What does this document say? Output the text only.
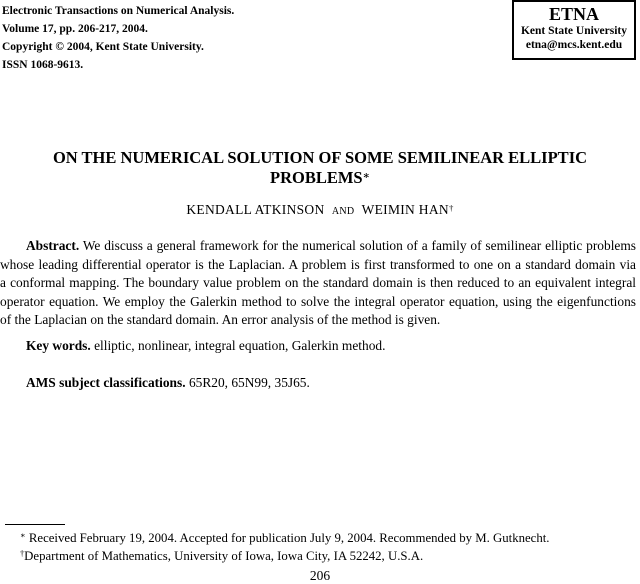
Electronic Transactions on Numerical Analysis.
Volume 17, pp. 206-217, 2004.
Copyright © 2004, Kent State University.
ISSN 1068-9613.
ETNA
Kent State University
etna@mcs.kent.edu
ON THE NUMERICAL SOLUTION OF SOME SEMILINEAR ELLIPTIC
PROBLEMS∗
KENDALL ATKINSON AND WEIMIN HAN†
Abstract. We discuss a general framework for the numerical solution of a family of semilinear elliptic problems
whose leading differential operator is the Laplacian. A problem is first transformed to one on a standard domain via
a conformal mapping. The boundary value problem on the standard domain is then reduced to an equivalent integral
operator equation. We employ the Galerkin method to solve the integral operator equation, using the eigenfunctions
of the Laplacian on the standard domain. An error analysis of the method is given.
Key words. elliptic, nonlinear, integral equation, Galerkin method.
AMS subject classifications. 65R20, 65N99, 35J65.
∗ Received February 19, 2004. Accepted for publication July 9, 2004. Recommended by M. Gutknecht.
†Department of Mathematics, University of Iowa, Iowa City, IA 52242, U.S.A.
206
